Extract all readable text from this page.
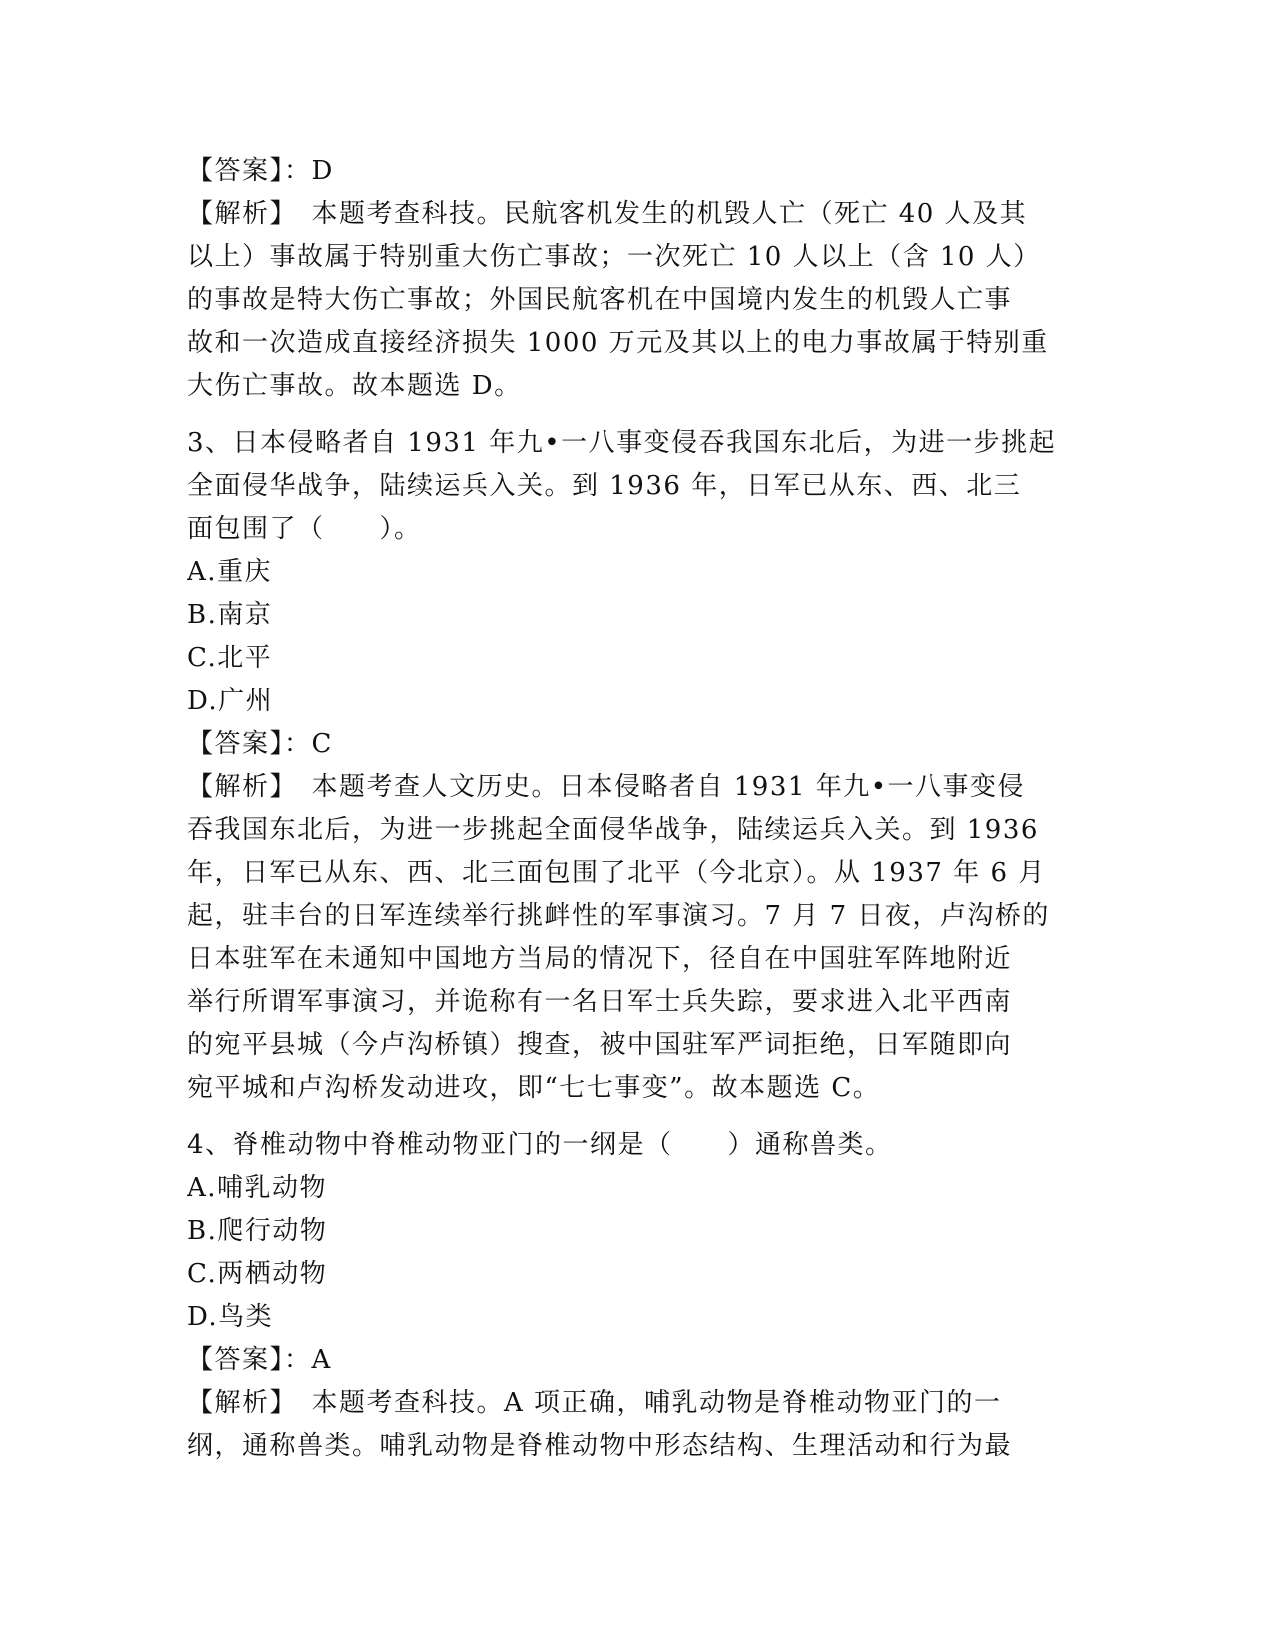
【答案】：D
【解析】　本题考查科技。民航客机发生的机毁人亡（死亡 40 人及其
以上）事故属于特别重大伤亡事故；一次死亡 10 人以上（含 10 人）
的事故是特大伤亡事故；外国民航客机在中国境内发生的机毁人亡事
故和一次造成直接经济损失 1000 万元及其以上的电力事故属于特别重
大伤亡事故。故本题选 D。
3、日本侵略者自 1931 年九•一八事变侵吞我国东北后，为进一步挑起
全面侵华战争，陆续运兵入关。到 1936 年，日军已从东、西、北三
面包围了（　　）。
A.重庆
B.南京
C.北平
D.广州
【答案】：C
【解析】　本题考查人文历史。日本侵略者自 1931 年九•一八事变侵
吞我国东北后，为进一步挑起全面侵华战争，陆续运兵入关。到 1936
年，日军已从东、西、北三面包围了北平（今北京）。从 1937 年 6 月
起，驻丰台的日军连续举行挑衅性的军事演习。7 月 7 日夜，卢沟桥的
日本驻军在未通知中国地方当局的情况下，径自在中国驻军阵地附近
举行所谓军事演习，并诡称有一名日军士兵失踪，要求进入北平西南
的宛平县城（今卢沟桥镇）搜查，被中国驻军严词拒绝，日军随即向
宛平城和卢沟桥发动进攻，即“七七事变”。故本题选 C。
4、脊椎动物中脊椎动物亚门的一纲是（　　）通称兽类。
A.哺乳动物
B.爬行动物
C.两栖动物
D.鸟类
【答案】：A
【解析】　本题考查科技。A 项正确，哺乳动物是脊椎动物亚门的一
纲，通称兽类。哺乳动物是脊椎动物中形态结构、生理活动和行为最
